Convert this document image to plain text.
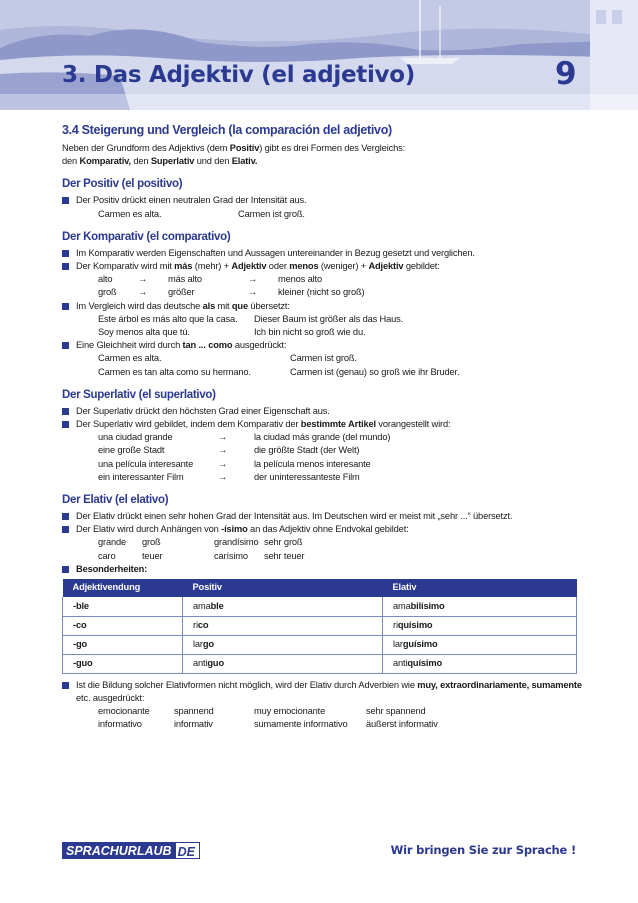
3. Das Adjektiv (el adjetivo)	9
3.4 Steigerung und Vergleich (la comparación del adjetivo)
Neben der Grundform des Adjektivs (dem Positiv) gibt es drei Formen des Vergleichs:
den Komparativ, den Superlativ und den Elativ.
Der Positiv (el positivo)
Der Positiv drückt einen neutralen Grad der Intensität aus.
Carmen es alta.	Carmen ist groß.
Der Komparativ (el comparativo)
Im Komparativ werden Eigenschaften und Aussagen untereinander in Bezug gesetzt und verglichen.
Der Komparativ wird mit más (mehr) + Adjektiv oder menos (weniger) + Adjektiv gebildet:
alto	→	más alto	→	menos alto
groß	→	größer	→	kleiner (nicht so groß)
Im Vergleich wird das deutsche als mit que übersetzt:
Este árbol es más alto que la casa.	Dieser Baum ist größer als das Haus.
Soy menos alta que tú.	Ich bin nicht so groß wie du.
Eine Gleichheit wird durch tan ... como ausgedrückt:
Carmen es alta.	Carmen ist groß.
Carmen es tan alta como su hermano.	Carmen ist (genau) so groß wie ihr Bruder.
Der Superlativ (el superlativo)
Der Superlativ drückt den höchsten Grad einer Eigenschaft aus.
Der Superlativ wird gebildet, indem dem Komparativ der bestimmte Artikel vorangestellt wird:
una ciudad grande	→	la ciudad más grande (del mundo)
eine große Stadt	→	die größte Stadt (der Welt)
una película interesante	→	la película menos interesante
ein interessanter Film	→	der uninteressanteste Film
Der Elativ (el elativo)
Der Elativ drückt einen sehr hohen Grad der Intensität aus. Im Deutschen wird er meist mit „sehr ...“ übersetzt.
Der Elativ wird durch Anhängen von -ísimo an das Adjektiv ohne Endvokal gebildet:
grande	groß	grandísimo sehr groß
caro	teuer	carísimo	sehr teuer
Besonderheiten:
Adjektivendung	Positiv	Elativ
-ble	amable	amabilísimo
-co	rico	riquísimo
-go	largo	larguísimo
-guo	antiguo	antiquísimo
Ist die Bildung solcher Elativformen nicht möglich, wird der Elativ durch Adverbien wie muy, extraordinariamente, sumamente
etc. ausgedrückt:
emocionante	spannend	muy emocionante	sehr spannend
informativo	informativ	sumamente informativo	äußerst informativ
SPRACHURLAUB DE	Wir bringen Sie zur Sprache !
